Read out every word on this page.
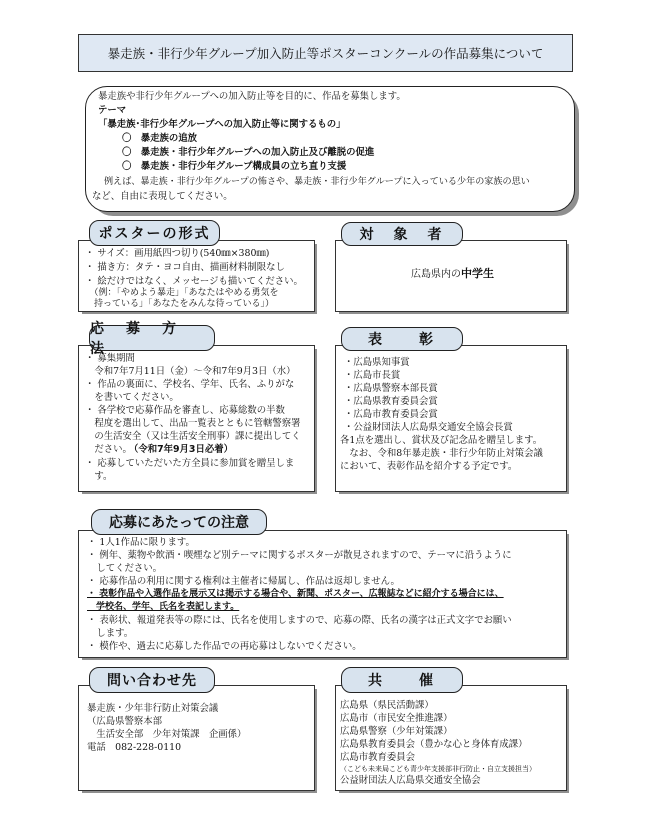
暴走族・非行少年グループ加入防止等ポスターコンクールの作品募集について
暴走族や非行少年グループへの加入防止等を目的に、作品を募集します。
テーマ
「暴走族･非行少年グループへの加入防止等に関するもの」
〇　暴走族の追放
〇　暴走族・非行少年グループへの加入防止及び離脱の促進
〇　暴走族・非行少年グループ構成員の立ち直り支援
例えば、暴走族・非行少年グループの怖さや、暴走族・非行少年グループに入っている少年の家族の思い
など、自由に表現してください。
・ サイズ：画用紙四つ切り(540㎜×380㎜)
・ 描き方：タテ・ヨコ自由、描画材料制限なし
・ 絵だけではなく、メッセージも描いてください。
　（例：「やめよう暴走」「あなたはやめる勇気を
　持っている」「あなたをみんな待っている」）
ポスターの形式
広島県内の中学生
対　象　者
・ 募集期間
　令和7年7月11日（金）～令和7年9月3日（水）
・ 作品の裏面に、学校名、学年、氏名、ふりがな
　を書いてください。
・ 各学校で応募作品を審査し、応募総数の半数
　程度を選出して、出品一覧表とともに管轄警察署
　の生活安全（又は生活安全刑事）課に提出してく
　ださい。
（令和7年9月3日必着）
・ 応募していただいた方全員に参加賞を贈呈しま
　す。
応　募　方　法
・広島県知事賞
・広島市長賞
・広島県警察本部長賞
・広島県教育委員会賞
・広島市教育委員会賞
・公益財団法人広島県交通安全協会長賞
各1点を選出し、賞状及び記念品を贈呈します。
　なお、令和8年暴走族・非行少年防止対策会議
において、表彰作品を紹介する予定です。
表　　彰
・ 1人1作品に限ります。
・ 例年、薬物や飲酒・喫煙など別テーマに関するポスターが散見されますので、テーマに沿うように
　してください。
・ 応募作品の利用に関する権利は主催者に帰属し、作品は返却しません。
・ 表彰作品や入選作品を展示又は掲示する場合や、新聞、ポスター、広報誌などに紹介する場合には、
　学校名、学年、氏名を表記します。
・ 表彰状、報道発表等の際には、氏名を使用しますので、応募の際、氏名の漢字は正式文字でお願い
　します。
・ 模作や、過去に応募した作品での再応募はしないでください。
応募にあたっての注意
暴走族・少年非行防止対策会議
（広島県警察本部
　生活安全部　少年対策課　企画係）
電話　082-228-0110
問い合わせ先
広島県（県民活動課）
広島市（市民安全推進課）
広島県警察（少年対策課）
広島県教育委員会（豊かな心と身体育成課）
広島市教育委員会
（こども未来局こども青少年支援部非行防止・自立支援担当）
公益財団法人広島県交通安全協会
共　　催
